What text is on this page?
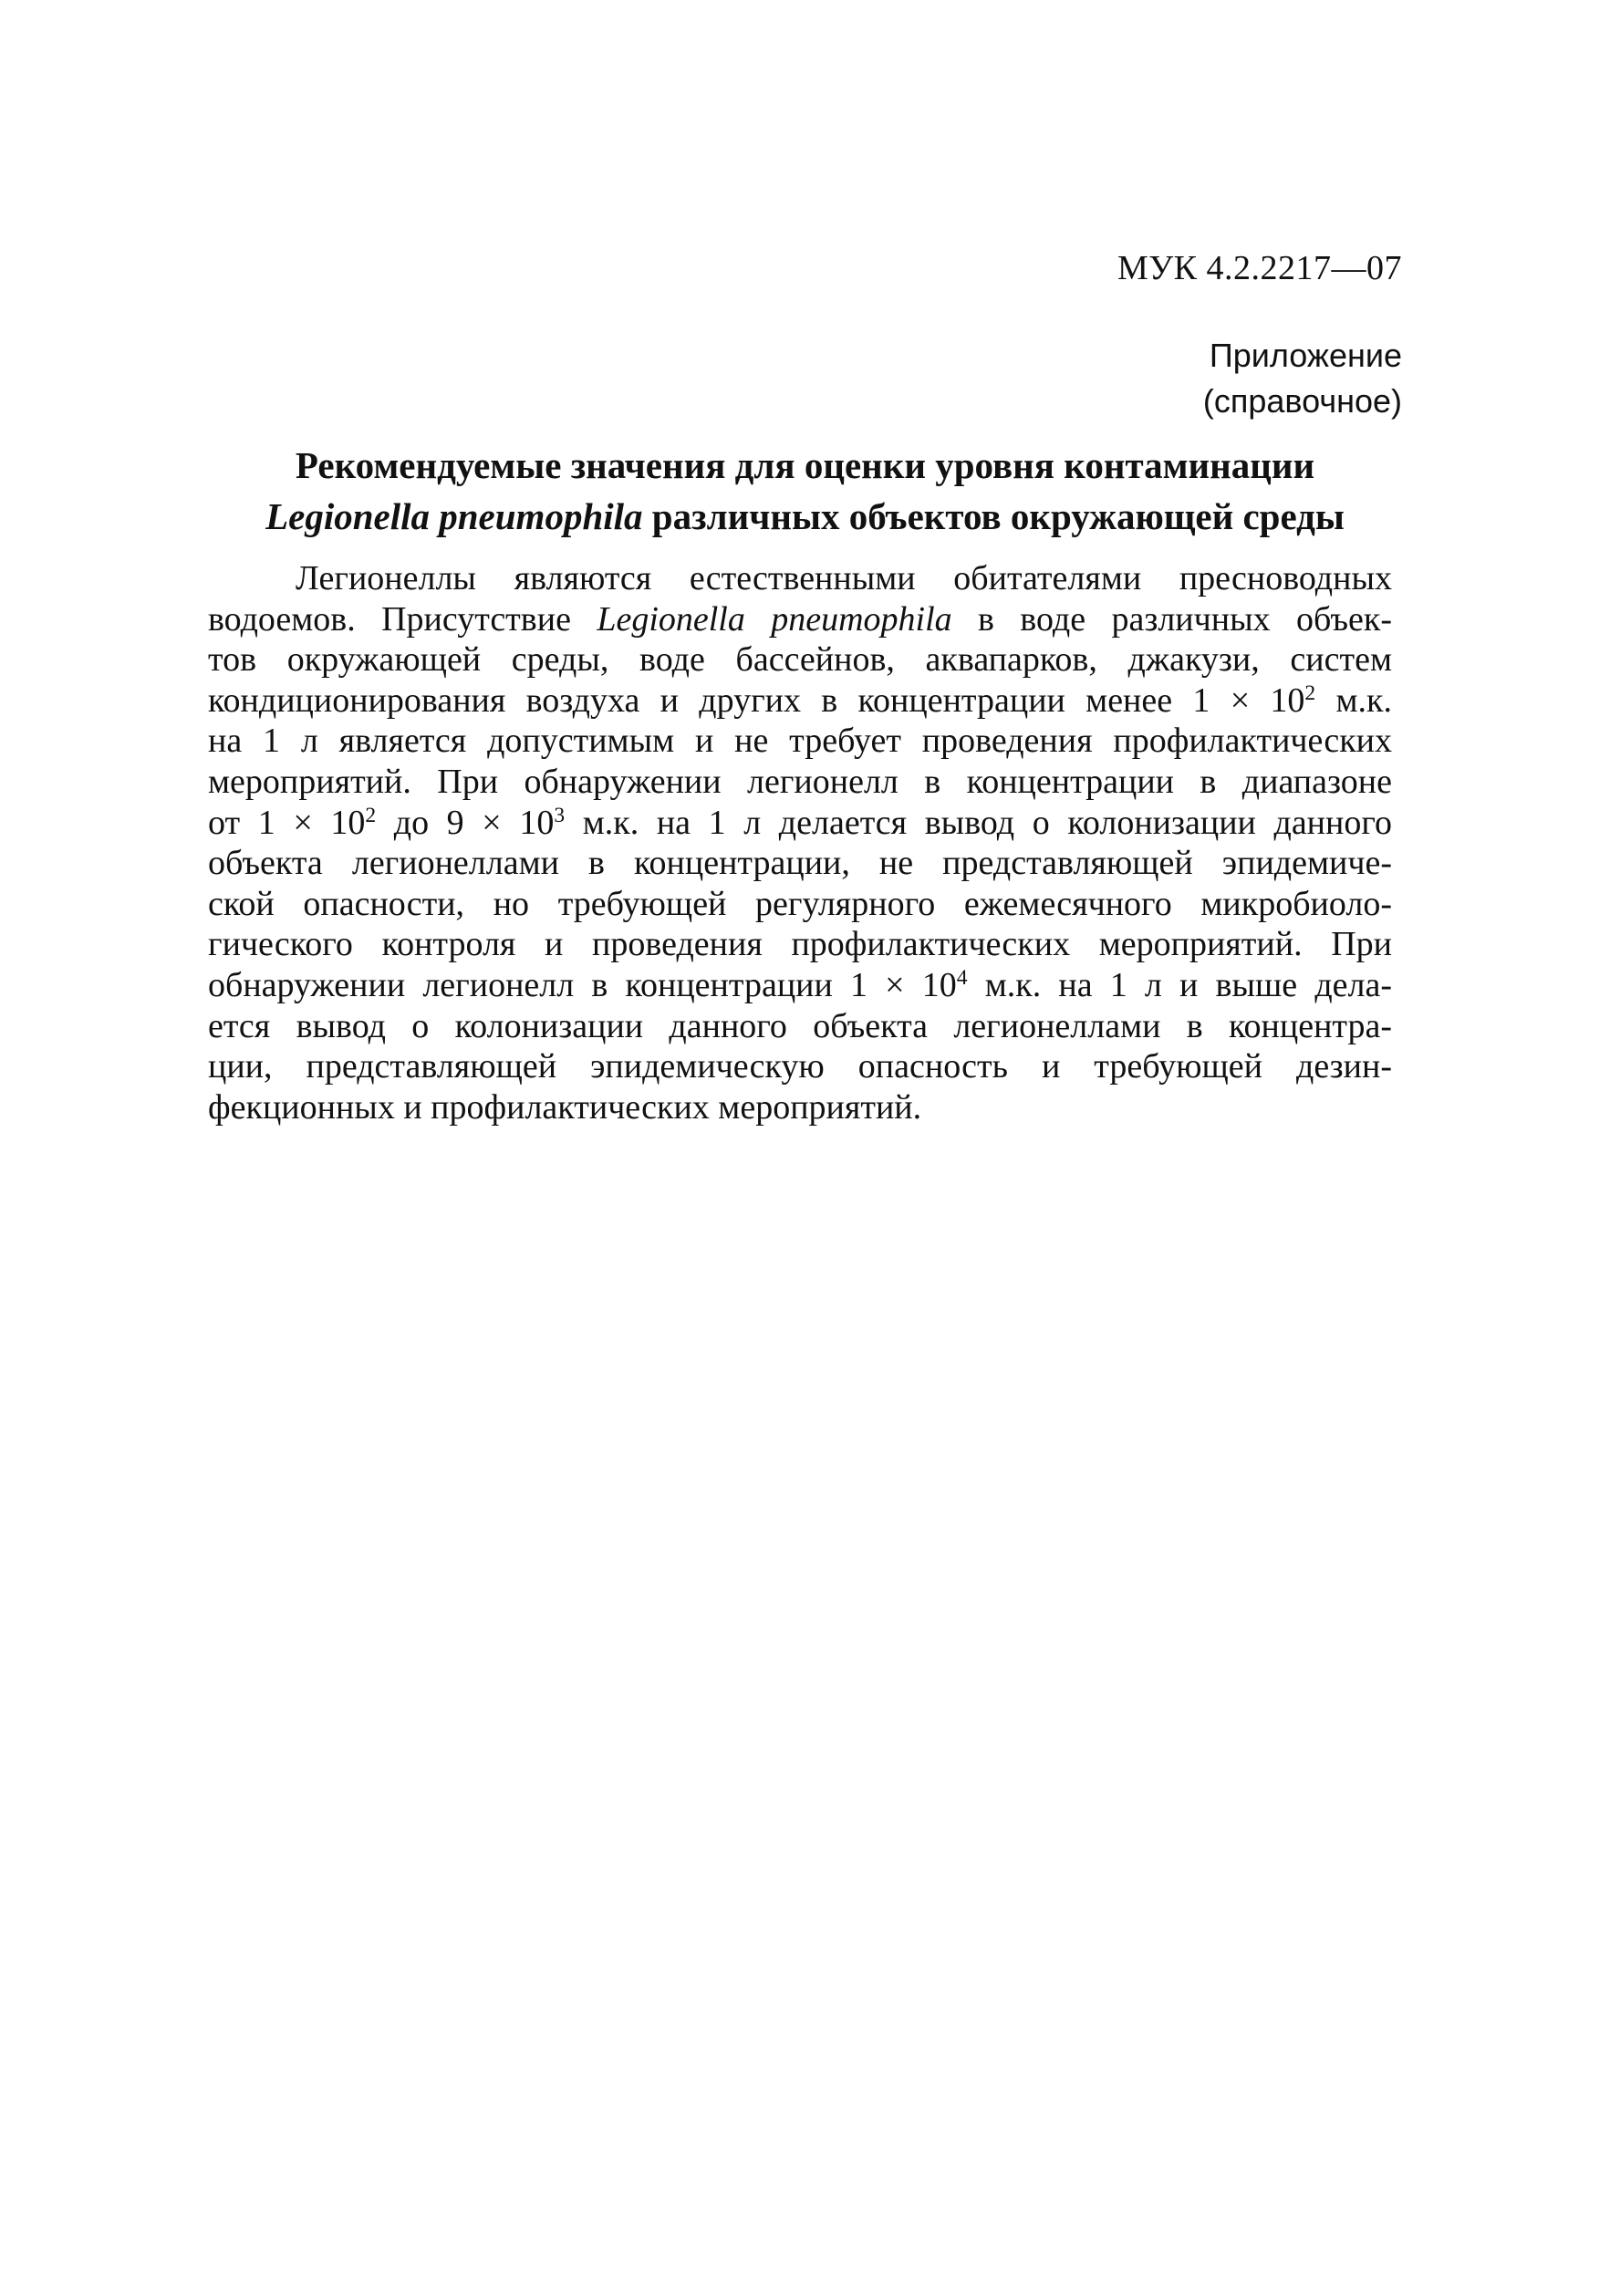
МУК 4.2.2217—07
Приложение
(справочное)
Рекомендуемые значения для оценки уровня контаминации
Legionella pneumophila различных объектов окружающей среды
Легионеллы являются естественными обитателями пресноводных
водоемов. Присутствие Legionella pneumophila в воде различных объек-
тов окружающей среды, воде бассейнов, аквапарков, джакузи, систем
кондиционирования воздуха и других в концентрации менее $1 \times 10^2$ м.к.
на 1 л является допустимым и не требует проведения профилактических
мероприятий. При обнаружении легионелл в концентрации в диапазоне
от $1 \times 10^2$ до $9 \times 10^3$ м.к. на 1 л делается вывод о колонизации данного
объекта легионеллами в концентрации, не представляющей эпидемиче-
ской опасности, но требующей регулярного ежемесячного микробиоло-
гического контроля и проведения профилактических мероприятий. При
обнаружении легионелл в концентрации $1 \times 10^4$ м.к. на 1 л и выше дела-
ется вывод о колонизации данного объекта легионеллами в концентра-
ции, представляющей эпидемическую опасность и требующей дезин-
фекционных и профилактических мероприятий.
